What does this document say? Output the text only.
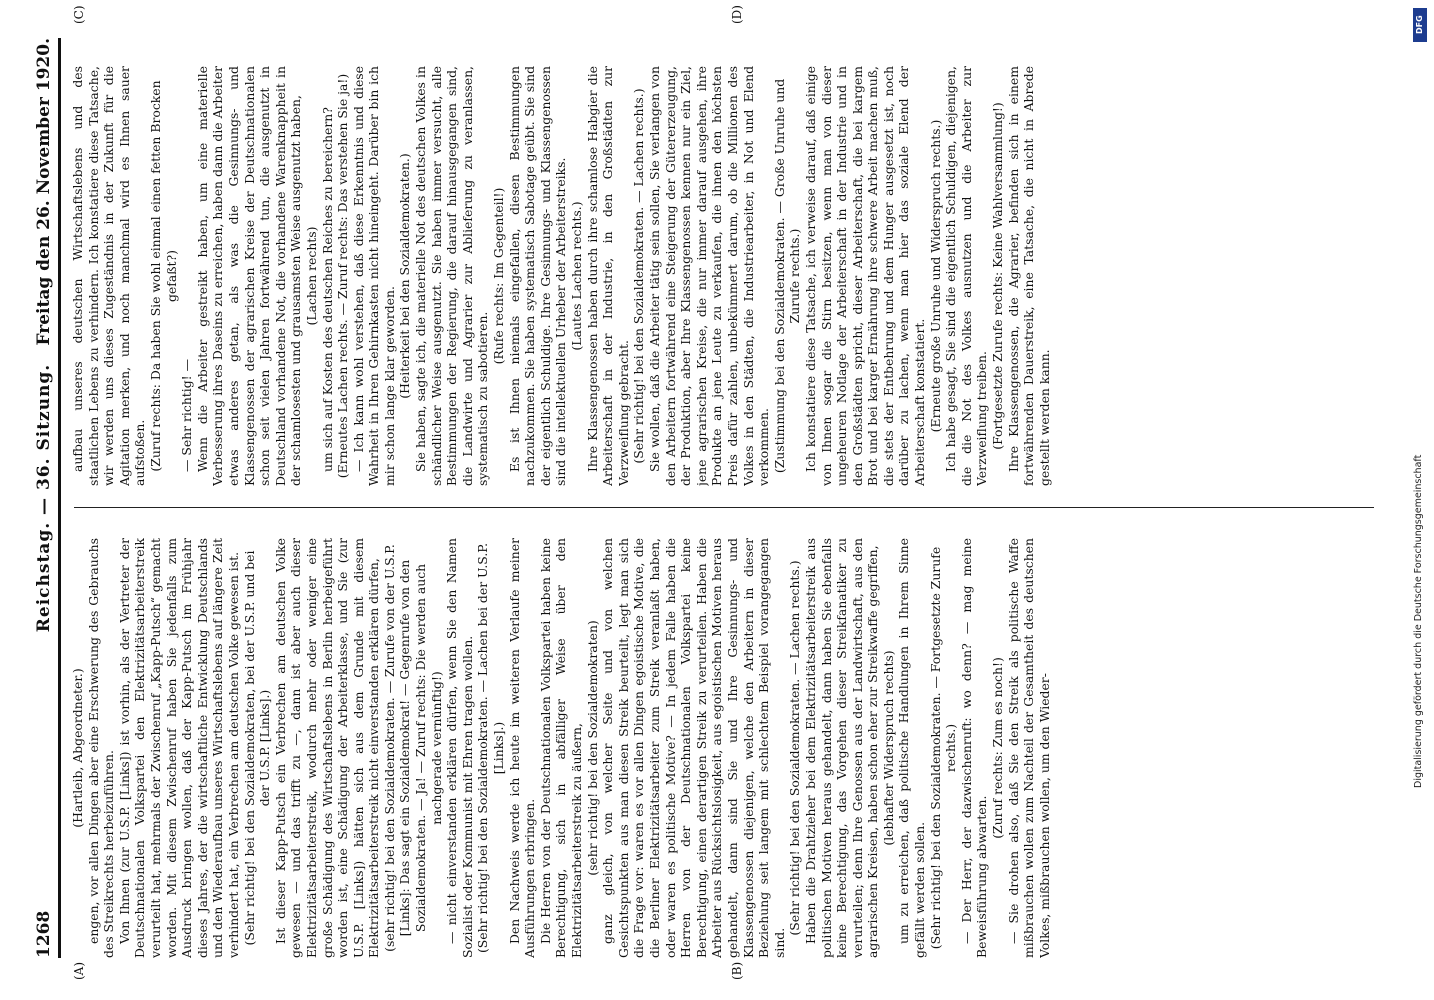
1268
Reichstag. — 36. Sitzung.
Freitag den 26. November 1920.
(A)	(B)
(C)	(D)

(Hartleib, Abgeordneter.) engen, vor allen Dingen aber eine Erschwerung des Gebrauchs des Streikrechts herbeizuführen. Von Ihnen (zur U.S.P. [Links]) ist vorhin, als der Vertreter der Deutschnationalen Volkspartei den Elektrizitätsarbeiterstreik verurteilt hat, mehrmals der Zwischenruf „Kapp-Putsch“ gemacht worden. Mit diesem Zwischenruf haben Sie jedenfalls zum Ausdruck bringen wollen, daß der Kapp-Putsch im Frühjahr dieses Jahres, der die wirtschaftliche Entwicklung Deutschlands und den Wiederaufbau unseres Wirtschaftslebens auf längere Zeit verhindert hat, ein Verbrechen am deutschen Volke gewesen ist. (Sehr richtig! bei den Sozialdemokraten, bei der U.S.P. und bei der U.S.P. [Links].) Ist dieser Kapp-Putsch ein Verbrechen am deutschen Volke gewesen — und das trifft zu —, dann ist aber auch dieser Elektrizitätsarbeiterstreik, wodurch mehr oder weniger eine große Schädigung des Wirtschaftslebens in Berlin herbeigeführt worden ist, eine Schädigung der Arbeiterklasse, und Sie (zur U.S.P. [Links]) hätten sich aus dem Grunde mit diesem Elektrizitätsarbeiterstreik nicht einverstanden erklären dürfen, (sehr richtig! bei den Sozialdemokraten. — Zurufe von der U.S.P. [Links]: Das sagt ein Sozialdemokrat! — Gegenrufe von den Sozialdemokraten. — Ja! — Zuruf rechts: Die werden auch nachgerade vernünftig!) — nicht einverstanden erklären dürfen, wenn Sie den Namen Sozialist oder Kommunist mit Ehren tragen wollen. (Sehr richtig! bei den Sozialdemokraten. — Lachen bei der U.S.P. [Links].) Den Nachweis werde ich heute im weiteren Verlaufe meiner Ausführungen erbringen. Die Herren von der Deutschnationalen Volkspartei haben keine Berechtigung, sich in abfälliger Weise über den Elektrizitätsarbeiterstreik zu äußern, (sehr richtig! bei den Sozialdemokraten) ganz gleich, von welcher Seite und von welchen Gesichtspunkten aus man diesen Streik beurteilt, legt man sich die Frage vor: waren es vor allen Dingen egoistische Motive, die die Berliner Elektrizitätsarbeiter zum Streik veranlaßt haben, oder waren es politische Motive? — In jedem Falle haben die Herren von der Deutschnationalen Volkspartei keine Berechtigung, einen derartigen Streik zu verurteilen. Haben die Arbeiter aus Rücksichtslosigkeit, aus egoistischen Motiven heraus gehandelt, dann sind Sie und Ihre Gesinnungs- und Klassengenossen diejenigen, welche den Arbeitern in dieser Beziehung seit langem mit schlechtem Beispiel vorangegangen sind.

(Sehr richtig! bei den Sozialdemokraten. — Lachen rechts.) Haben die Drahtzieher bei dem Elektrizitätsarbeiterstreik aus politischen Motiven heraus gehandelt, dann haben Sie ebenfalls keine Berechtigung, das Vorgehen dieser Streikfanatiker zu verurteilen; denn Ihre Genossen aus der Landwirtschaft, aus den agrarischen Kreisen, haben schon eher zur Streikwaffe gegriffen, (lebhafter Widerspruch rechts) um zu erreichen, daß politische Handlungen in Ihrem Sinne gefällt werden sollen. (Sehr richtig! bei den Sozialdemokraten. — Fortgesetzte Zurufe rechts.) — Der Herr, der dazwischenruft: wo denn? — mag meine Beweisführung abwarten.

(Zuruf rechts: Zum es noch!) — Sie drohen also, daß Sie den Streik als politische Waffe mißbrauchen wollen zum Nachteil der Gesamtheit des deutschen Volkes, mißbrauchen wollen, um den Wieder-

aufbau unseres deutschen Wirtschaftslebens und des staatlichen Lebens zu verhindern. Ich konstatiere diese Tatsache, wir werden uns dieses Zugeständnis in der Zukunft für die Agitation merken, und noch manchmal wird es Ihnen sauer aufstoßen. (Zuruf rechts: Da haben Sie wohl einmal einen fetten Brocken gefaßt?)

— Sehr richtig! — Wenn die Arbeiter gestreikt haben, um eine materielle Verbesserung ihres Daseins zu erreichen, haben dann die Arbeiter etwas anderes getan, als was die Gesinnungs- und Klassengenossen der agrarischen Kreise der Deutschnationalen schon seit vielen Jahren fortwährend tun, die ausgenutzt in Deutschland vorhandene Not, die vorhandene Warenknappheit in der schamlosesten und grausamsten Weise ausgenutzt haben, (Lachen rechts) um sich auf Kosten des deutschen Reiches zu bereichern? (Erneutes Lachen rechts. — Zuruf rechts: Das verstehen Sie ja!) — Ich kann wohl verstehen, daß diese Erkenntnis und diese Wahrheit in Ihren Gehirnkasten nicht hineingeht. Darüber bin ich mir schon lange klar geworden. (Heiterkeit bei den Sozialdemokraten.) Sie haben, sagte ich, die materielle Not des deutschen Volkes in schändlicher Weise ausgenutzt. Sie haben immer versucht, alle Bestimmungen der Regierung, die darauf hinausgegangen sind, die Landwirte und Agrarier zur Ablieferung zu veranlassen, systematisch zu sabotieren.

(Rufe rechts: Im Gegenteil!) Es ist Ihnen niemals eingefallen, diesen Bestimmungen nachzukommen. Sie haben systematisch Sabotage geübt. Sie sind der eigentlich Schuldige. Ihre Gesinnungs- und Klassengenossen sind die intellektuellen Urheber der Arbeiterstreiks. (Lautes Lachen rechts.) Ihre Klassengenossen haben durch ihre schamlose Habgier die Arbeiterschaft in der Industrie, in den Großstädten zur Verzweiflung gebracht. (Sehr richtig! bei den Sozialdemokraten. — Lachen rechts.) Sie wollen, daß die Arbeiter tätig sein sollen, Sie verlangen von den Arbeitern fortwährend eine Steigerung der Gütererzeugung, der Produktion, aber Ihre Klassengenossen kennen nur ein Ziel, jene agrarischen Kreise, die nur immer darauf ausgehen, ihre Produkte an jene Leute zu verkaufen, die ihnen den höchsten Preis dafür zahlen, unbekümmert darum, ob die Millionen des Volkes in den Städten, die Industriearbeiter, in Not und Elend verkommen. (Zustimmung bei den Sozialdemokraten. — Große Unruhe und Zurufe rechts.) Ich konstatiere diese Tatsache, ich verweise darauf, daß einige von Ihnen sogar die Stirn besitzen, wenn man von dieser ungeheuren Notlage der Arbeiterschaft in der Industrie und in den Großstädten spricht, dieser Arbeiterschaft, die bei kargem Brot und bei karger Ernährung ihre schwere Arbeit machen muß, die stets der Entbehrung und dem Hunger ausgesetzt ist, noch darüber zu lachen, wenn man hier das soziale Elend der Arbeiterschaft konstatiert. (Erneute große Unruhe und Widerspruch rechts.) Ich habe gesagt, Sie sind die eigentlich Schuldigen, diejenigen, die die Not des Volkes ausnutzen und die Arbeiter zur Verzweiflung treiben. (Fortgesetzte Zurufe rechts: Keine Wahlversammlung!) Ihre Klassengenossen, die Agrarier, befinden sich in einem fortwährenden Dauerstreik, eine Tatsache, die nicht in Abrede gestellt werden kann.

DFG
Digitalisierung gefördert durch die Deutsche Forschungsgemeinschaft
